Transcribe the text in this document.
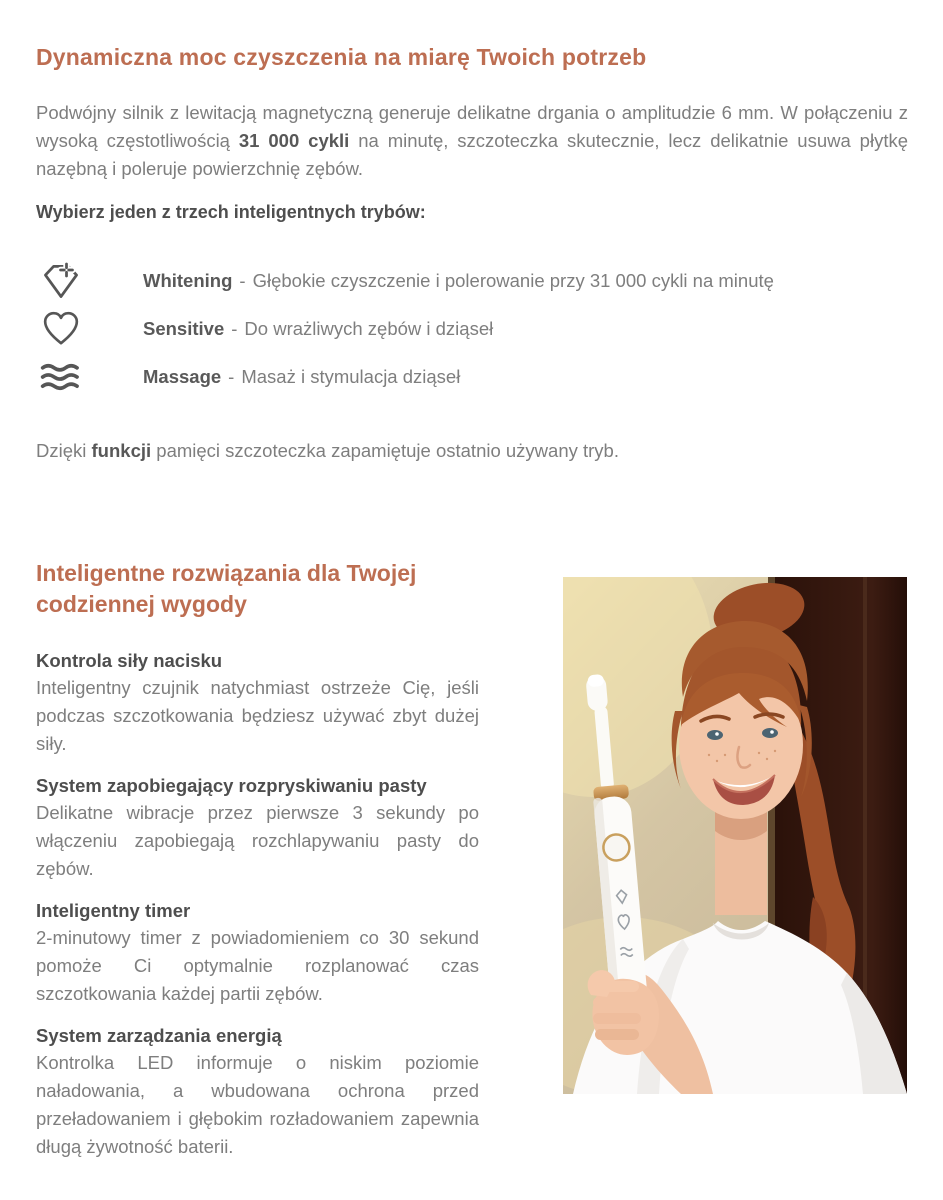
Dynamiczna moc czyszczenia na miarę Twoich potrzeb

Podwójny silnik z lewitacją magnetyczną generuje delikatne drgania o amplitudzie 6 mm. W połączeniu z wysoką częstotliwością 31 000 cykli na minutę, szczoteczka skutecznie, lecz delikatnie usuwa płytkę nazębną i poleruje powierzchnię zębów.

Wybierz jeden z trzech inteligentnych trybów:
Whitening - Głębokie czyszczenie i polerowanie przy 31 000 cykli na minutę
Sensitive - Do wrażliwych zębów i dziąseł
Massage - Masaż i stymulacja dziąseł

Dzięki funkcji pamięci szczoteczka zapamiętuje ostatnio używany tryb.

Inteligentne rozwiązania dla Twojej
codziennej wygody
Kontrola siły nacisku
Inteligentny czujnik natychmiast ostrzeże Cię, jeśli podczas szczotkowania będziesz używać zbyt dużej siły.
System zapobiegający rozpryskiwaniu pasty
Delikatne wibracje przez pierwsze 3 sekundy po włączeniu zapobiegają rozchlapywaniu pasty do zębów.
Inteligentny timer
2-minutowy timer z powiadomieniem co 30 sekund pomoże Ci optymalnie rozplanować czas szczotkowania każdej partii zębów.
System zarządzania energią
Kontrolka LED informuje o niskim poziomie naładowania, a wbudowana ochrona przed przeładowaniem i głębokim rozładowaniem zapewnia długą żywotność baterii.
